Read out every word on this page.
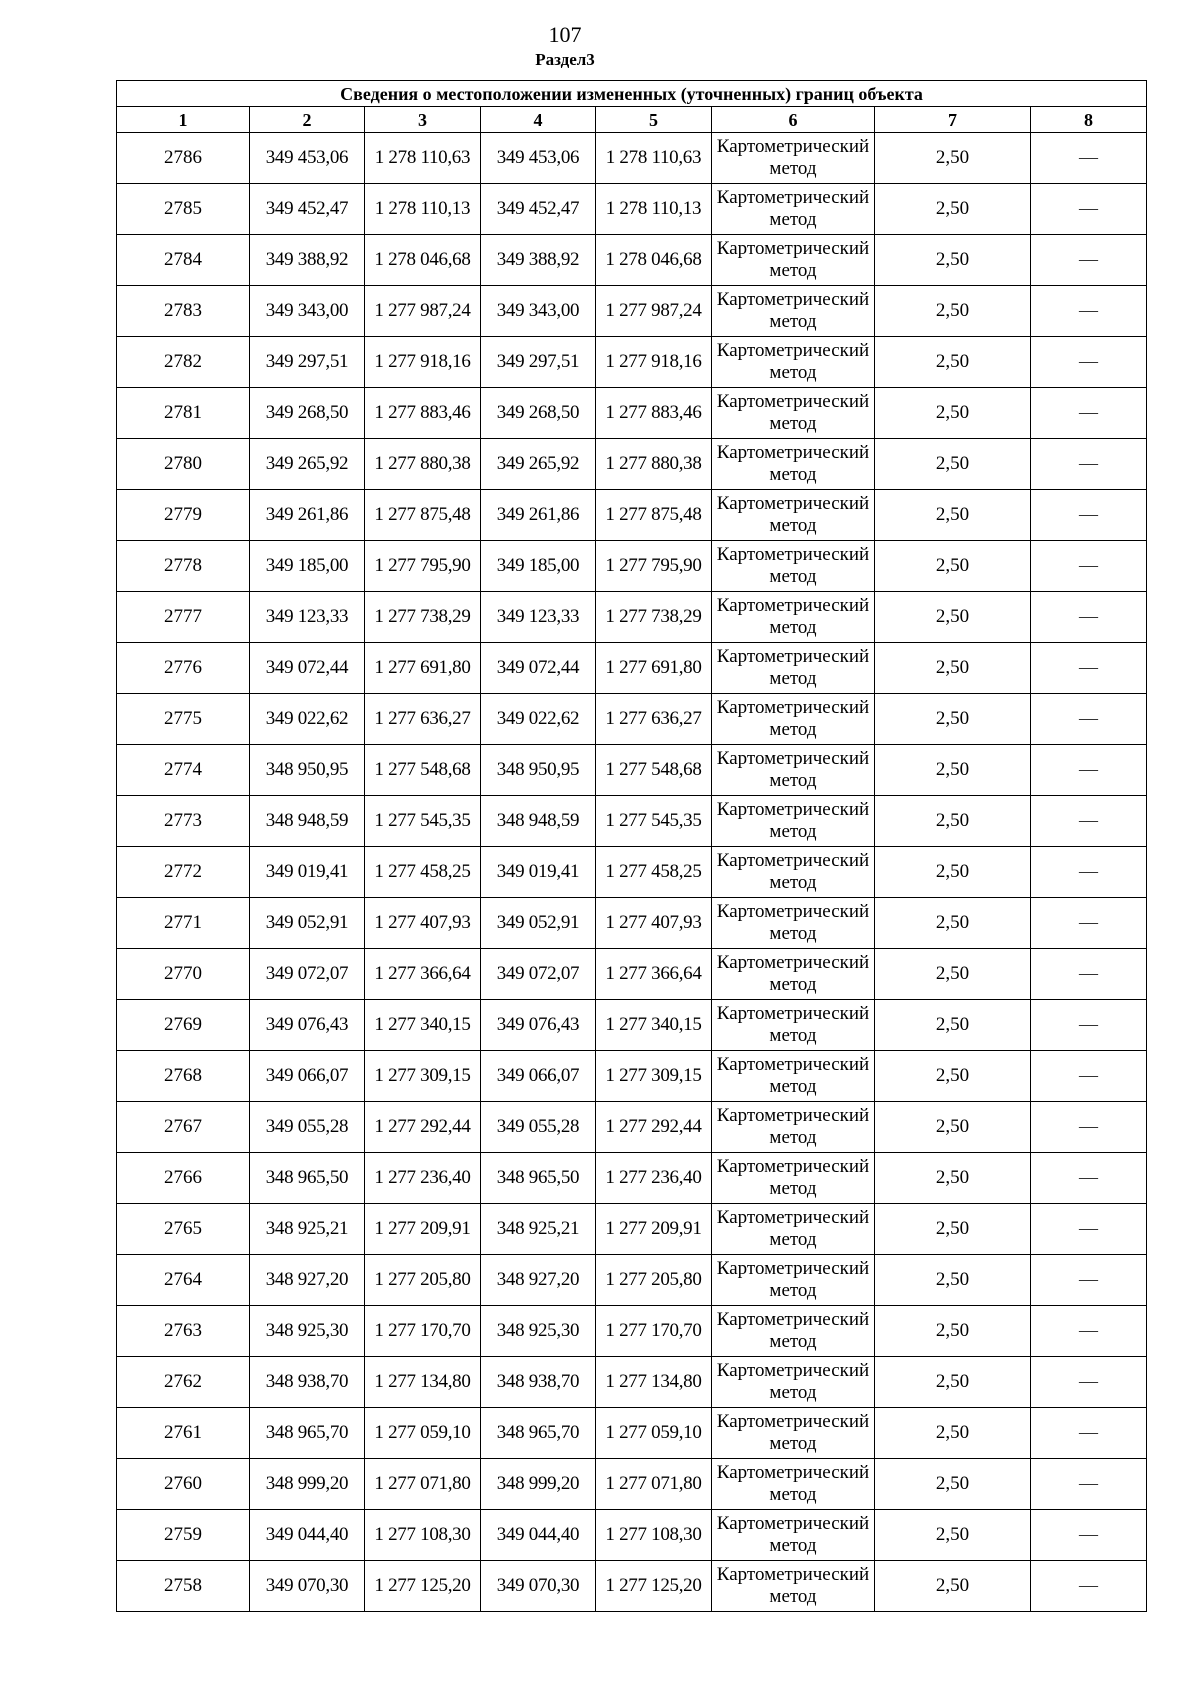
107
Раздел3
Сведения о местоположении измененных (уточненных) границ объекта							
1	2	3	4	5	6	7	8
2786	349 453,06	1 278 110,63	349 453,06	1 278 110,63	Картометрический метод	2,50	—
2785	349 452,47	1 278 110,13	349 452,47	1 278 110,13	Картометрический метод	2,50	—
2784	349 388,92	1 278 046,68	349 388,92	1 278 046,68	Картометрический метод	2,50	—
2783	349 343,00	1 277 987,24	349 343,00	1 277 987,24	Картометрический метод	2,50	—
2782	349 297,51	1 277 918,16	349 297,51	1 277 918,16	Картометрический метод	2,50	—
2781	349 268,50	1 277 883,46	349 268,50	1 277 883,46	Картометрический метод	2,50	—
2780	349 265,92	1 277 880,38	349 265,92	1 277 880,38	Картометрический метод	2,50	—
2779	349 261,86	1 277 875,48	349 261,86	1 277 875,48	Картометрический метод	2,50	—
2778	349 185,00	1 277 795,90	349 185,00	1 277 795,90	Картометрический метод	2,50	—
2777	349 123,33	1 277 738,29	349 123,33	1 277 738,29	Картометрический метод	2,50	—
2776	349 072,44	1 277 691,80	349 072,44	1 277 691,80	Картометрический метод	2,50	—
2775	349 022,62	1 277 636,27	349 022,62	1 277 636,27	Картометрический метод	2,50	—
2774	348 950,95	1 277 548,68	348 950,95	1 277 548,68	Картометрический метод	2,50	—
2773	348 948,59	1 277 545,35	348 948,59	1 277 545,35	Картометрический метод	2,50	—
2772	349 019,41	1 277 458,25	349 019,41	1 277 458,25	Картометрический метод	2,50	—
2771	349 052,91	1 277 407,93	349 052,91	1 277 407,93	Картометрический метод	2,50	—
2770	349 072,07	1 277 366,64	349 072,07	1 277 366,64	Картометрический метод	2,50	—
2769	349 076,43	1 277 340,15	349 076,43	1 277 340,15	Картометрический метод	2,50	—
2768	349 066,07	1 277 309,15	349 066,07	1 277 309,15	Картометрический метод	2,50	—
2767	349 055,28	1 277 292,44	349 055,28	1 277 292,44	Картометрический метод	2,50	—
2766	348 965,50	1 277 236,40	348 965,50	1 277 236,40	Картометрический метод	2,50	—
2765	348 925,21	1 277 209,91	348 925,21	1 277 209,91	Картометрический метод	2,50	—
2764	348 927,20	1 277 205,80	348 927,20	1 277 205,80	Картометрический метод	2,50	—
2763	348 925,30	1 277 170,70	348 925,30	1 277 170,70	Картометрический метод	2,50	—
2762	348 938,70	1 277 134,80	348 938,70	1 277 134,80	Картометрический метод	2,50	—
2761	348 965,70	1 277 059,10	348 965,70	1 277 059,10	Картометрический метод	2,50	—
2760	348 999,20	1 277 071,80	348 999,20	1 277 071,80	Картометрический метод	2,50	—
2759	349 044,40	1 277 108,30	349 044,40	1 277 108,30	Картометрический метод	2,50	—
2758	349 070,30	1 277 125,20	349 070,30	1 277 125,20	Картометрический метод	2,50	—
